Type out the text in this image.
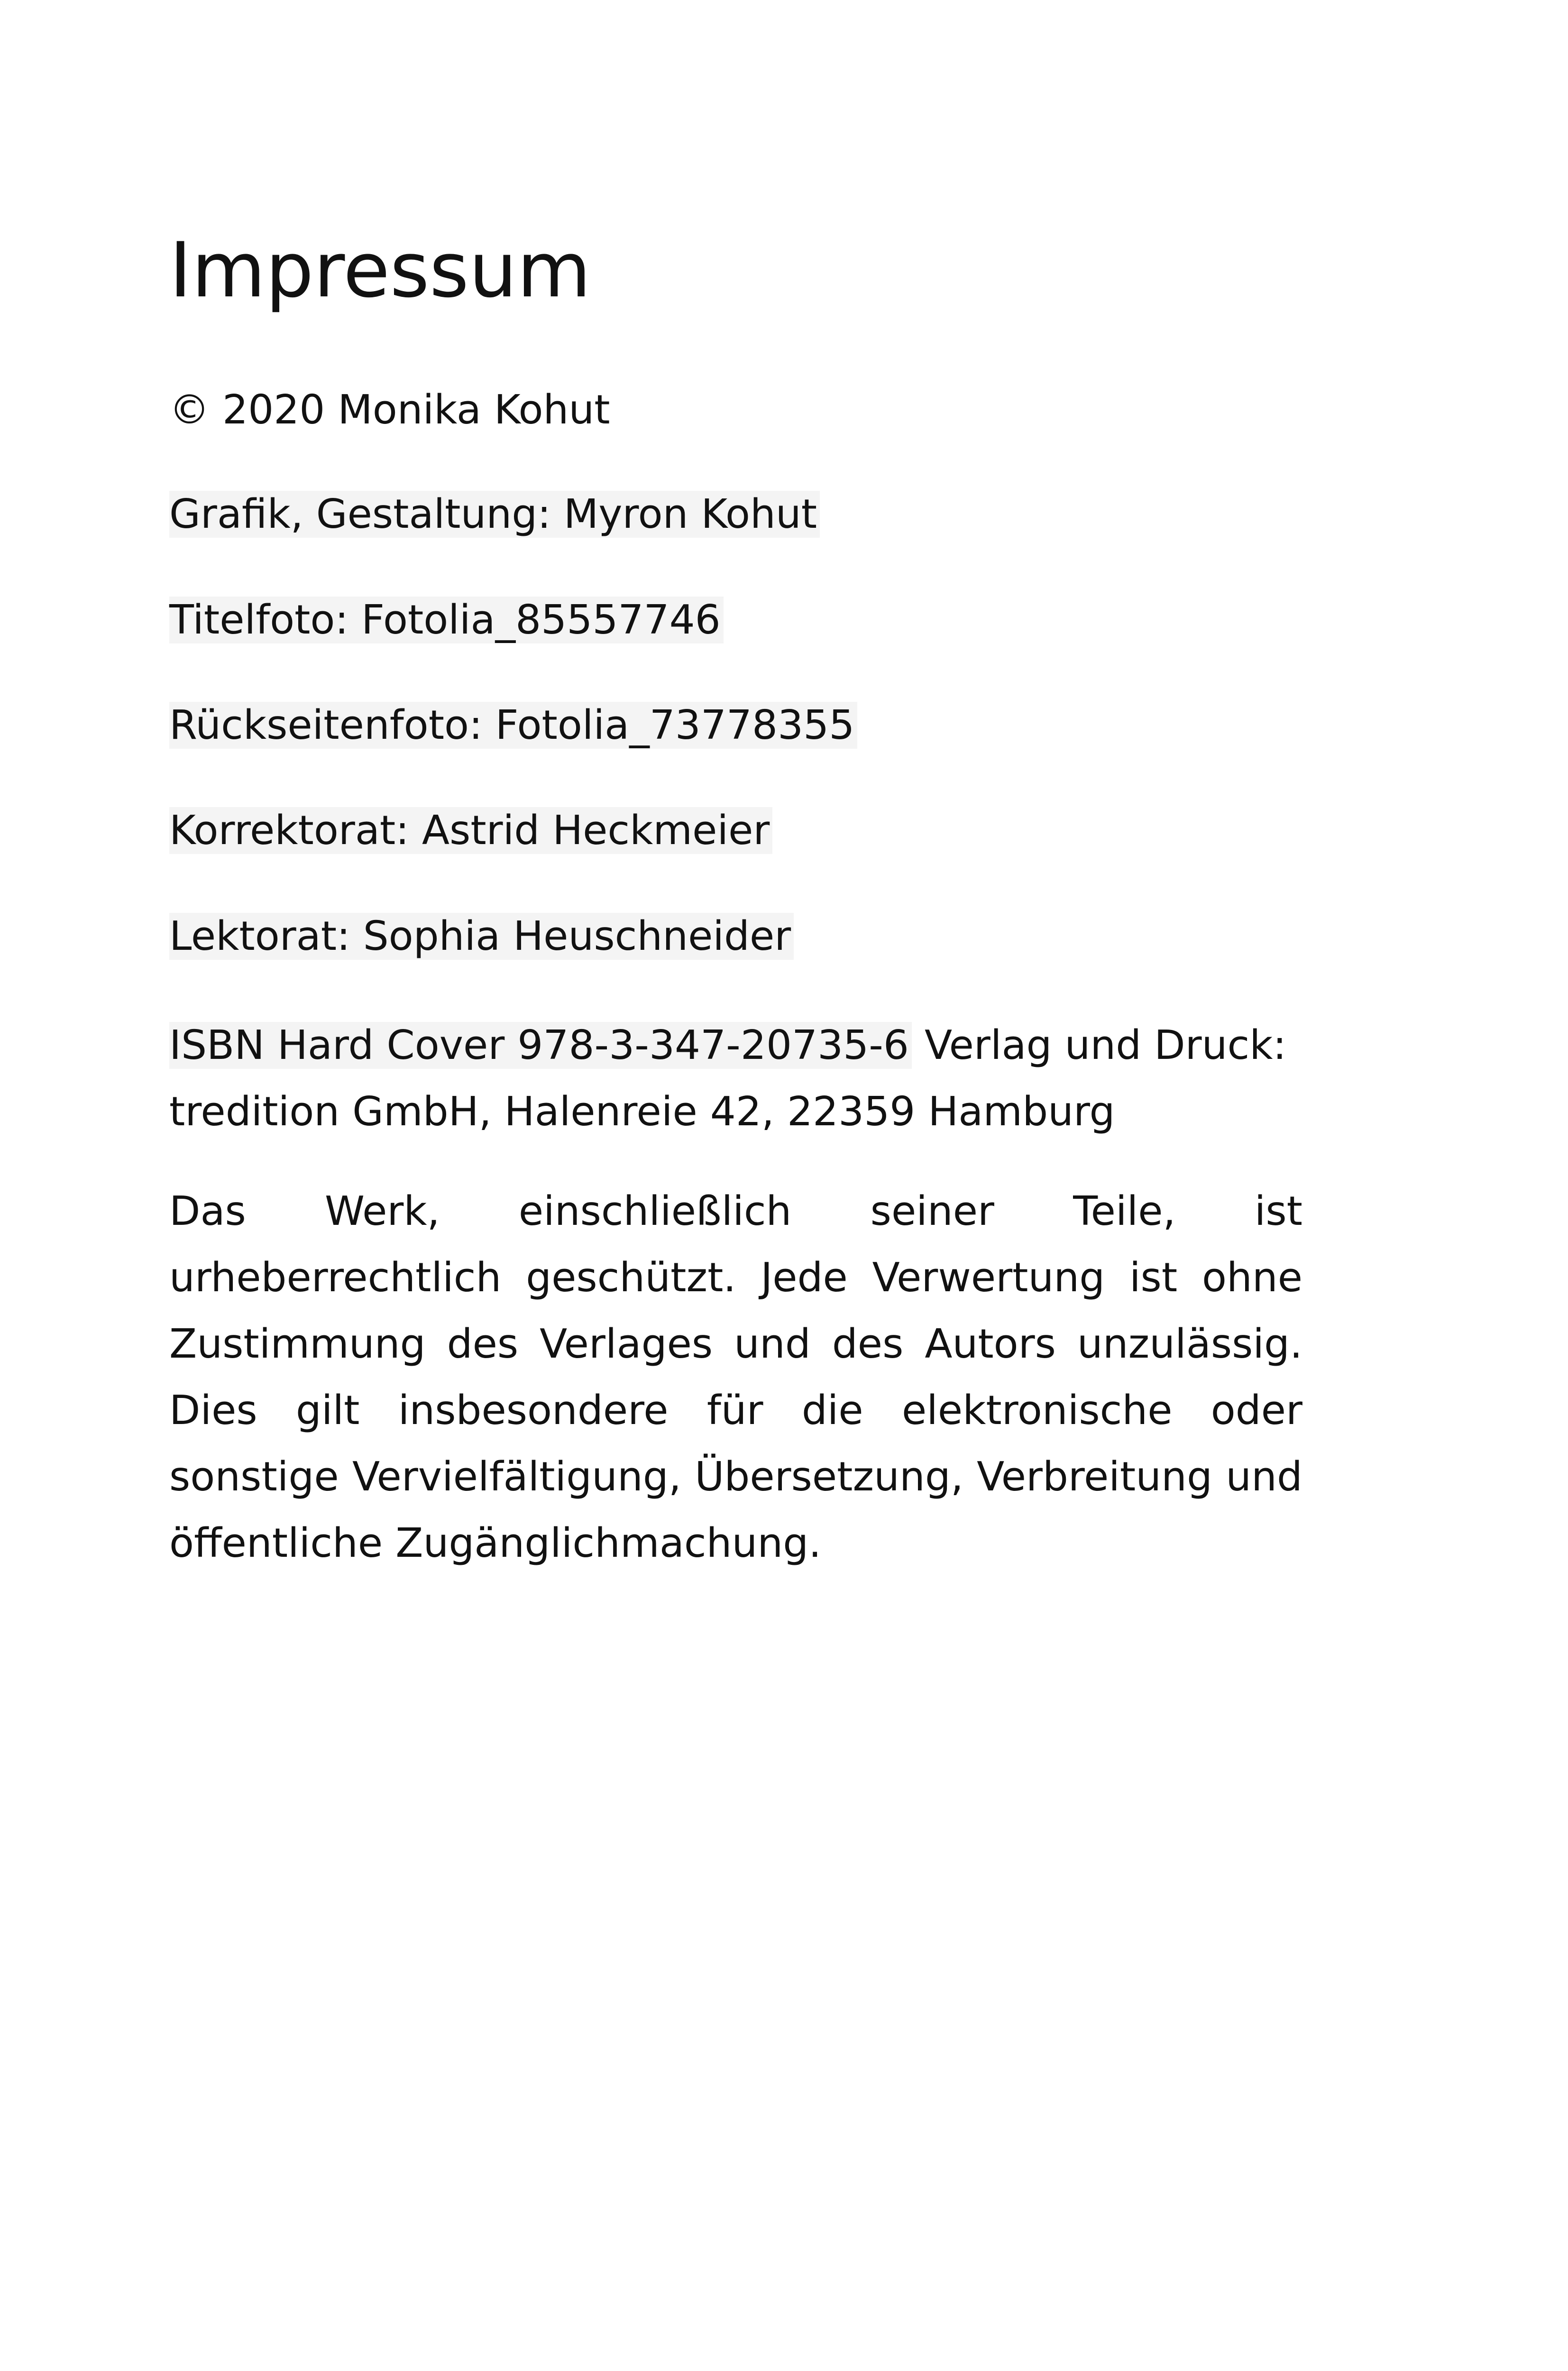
Impressum
© 2020 Monika Kohut
Grafik, Gestaltung: Myron Kohut
Titelfoto: Fotolia_85557746
Rückseitenfoto: Fotolia_73778355
Korrektorat: Astrid Heckmeier
Lektorat: Sophia Heuschneider
ISBN Hard Cover 978-3-347-20735-6 Verlag und Druck: tredition GmbH, Halenreie 42, 22359 Hamburg

Das Werk, einschließlich seiner Teile, ist urheberrechtlich geschützt. Jede Verwertung ist ohne Zustimmung des Verlages und des Autors unzulässig. Dies gilt insbesondere für die elektronische oder sonstige Vervielfältigung, Übersetzung, Verbreitung und öffentliche Zugänglichmachung.
